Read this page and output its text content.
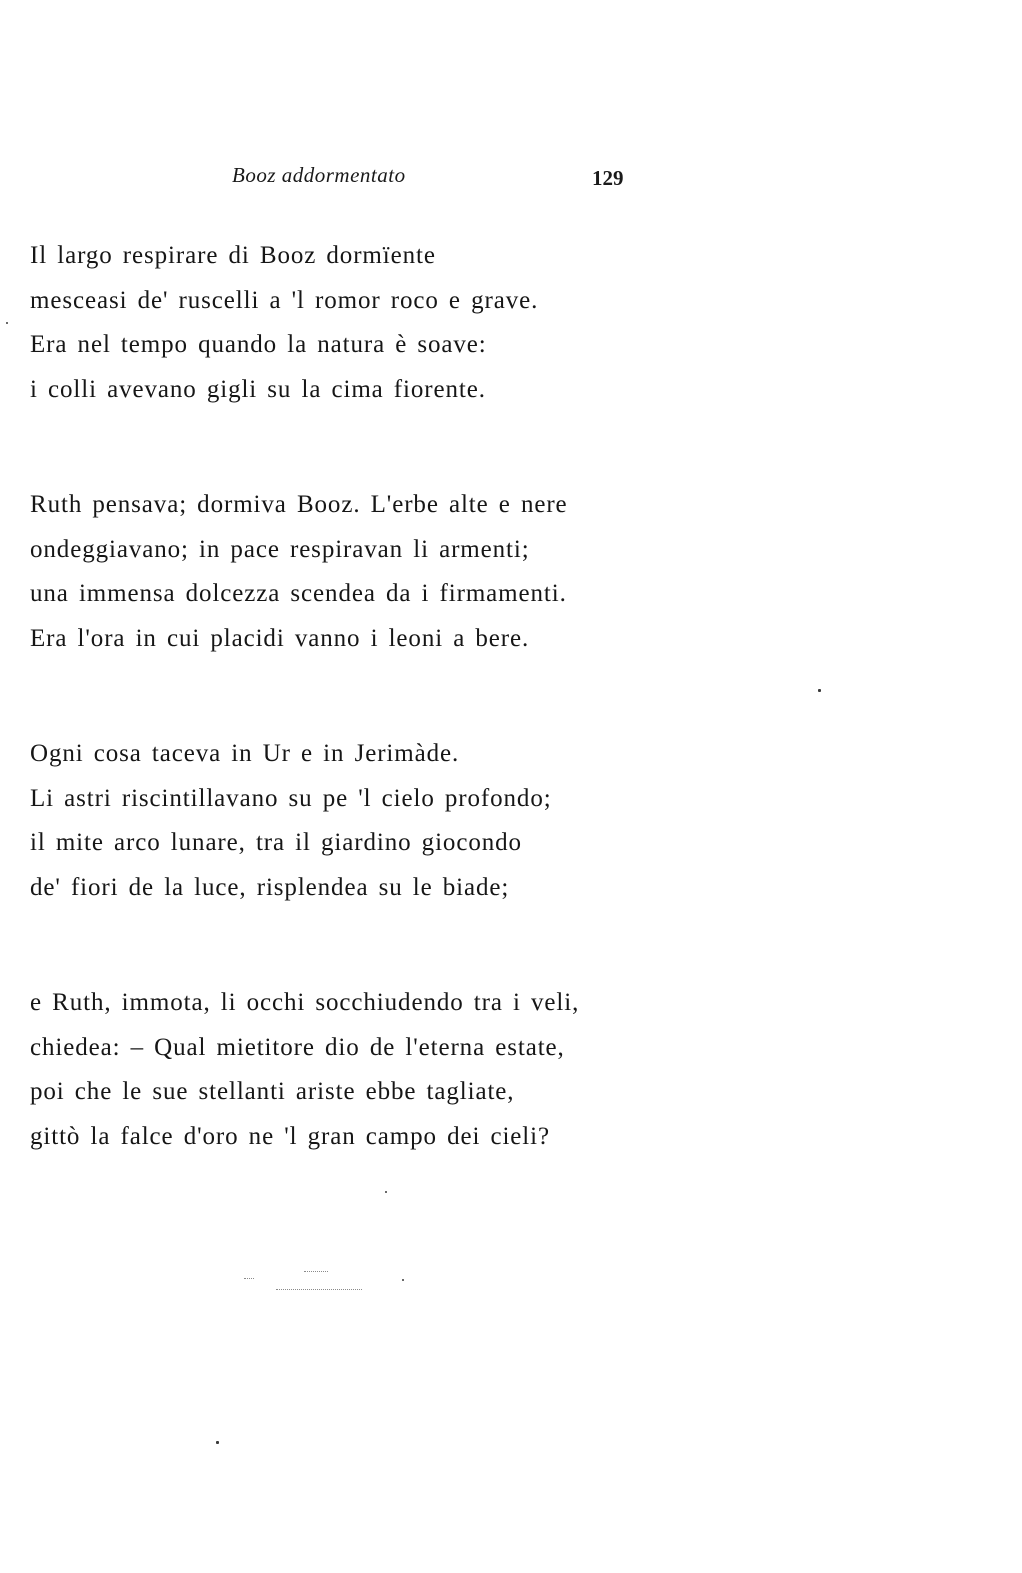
Booz addormentato	129
Il largo respirare di Booz dormïente
mesceasi de' ruscelli a 'l romor roco e grave.
Era nel tempo quando la natura è soave:
i colli avevano gigli su la cima fiorente.
Ruth pensava; dormiva Booz. L'erbe alte e nere
ondeggiavano; in pace respiravan li armenti;
una immensa dolcezza scendea da i firmamenti.
Era l'ora in cui placidi vanno i leoni a bere.
Ogni cosa taceva in Ur e in Jerimàde.
Li astri riscintillavano su pe 'l cielo profondo;
il mite arco lunare, tra il giardino giocondo
de' fiori de la luce, risplendea su le biade;
e Ruth, immota, li occhi socchiudendo tra i veli,
chiedea: – Qual mietitore dio de l'eterna estate,
poi che le sue stellanti ariste ebbe tagliate,
gittò la falce d'oro ne 'l gran campo dei cieli?
